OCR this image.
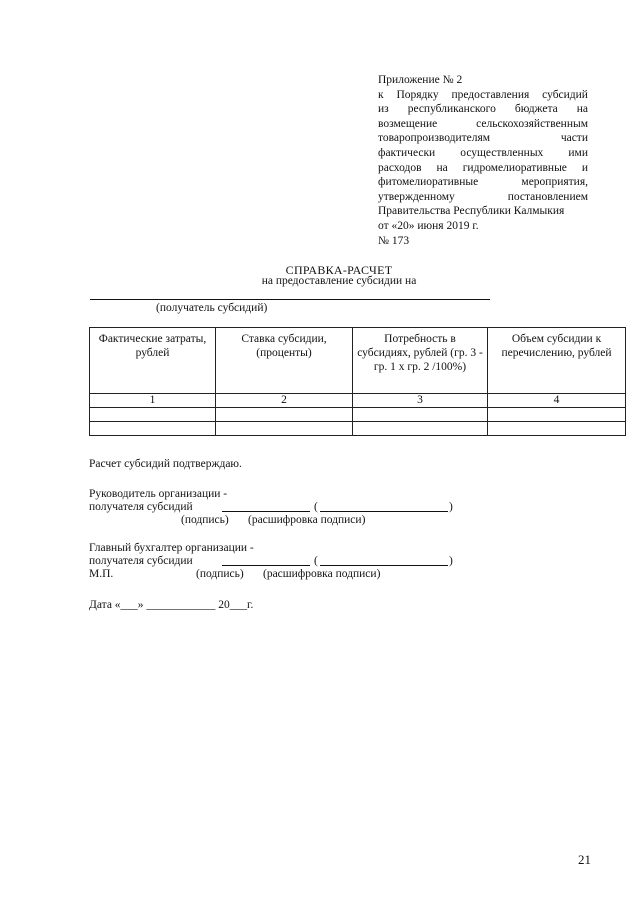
Приложение № 2
к Порядку предоставления субсидий
из республиканского бюджета на
возмещение	сельскохозяйственным
товаропроизводителям	части
фактически осуществленных ими
расходов на гидромелиоративные и
фитомелиоративные	мероприятия,
утвержденному	постановлением
Правительства Республики Калмыкия
от «20» июня 2019 г.
№ 173
СПРАВКА-РАСЧЕТ
на предоставление субсидии на
(получатель субсидий)
Фактические затраты, рублей	Ставка субсидии, (проценты)	Потребность в субсидиях, рублей (гр. 3 - гр. 1 х гр. 2 /100%)	Объем субсидии к перечислению, рублей
1	2	3	4

Расчет субсидий подтверждаю.
Руководитель организации -
получателя субсидий	(	)
(подпись) (расшифровка подписи)
Главный бухгалтер организации -
получателя субсидии	(	)
М.П.	(подпись) (расшифровка подписи)
Дата «___» ____________ 20___г.
21
